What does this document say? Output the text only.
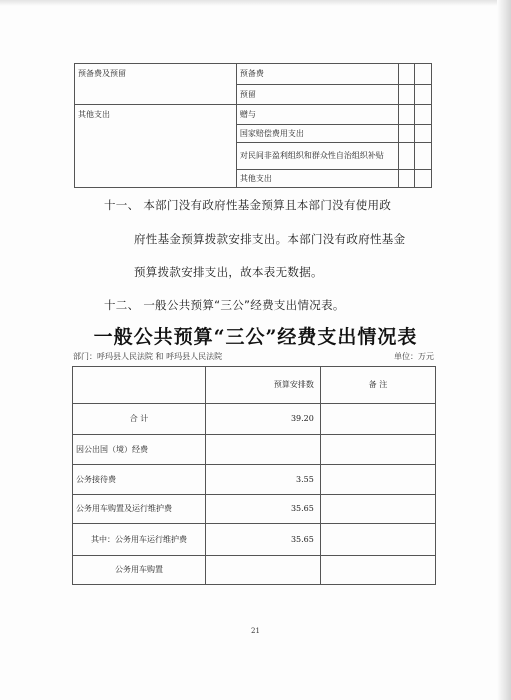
预备费及预留	预备费		
	预留		
其他支出	赠与		
	国家赔偿费用支出		
	对民间非盈利组织和群众性自治组织补贴		
	其他支出		
十一、 本部门没有政府性基金预算且本部门没有使用政
府性基金预算拨款安排支出。本部门没有政府性基金
预算拨款安排支出，故本表无数据。
十二、 一般公共预算“三公”经费支出情况表。
一般公共预算“三公”经费支出情况表
部门：呼玛县人民法院 和 呼玛县人民法院	单位：万元
	预算安排数	备 注
合 计	39.20	
因公出国（境）经费		
公务接待费	3.55	
公务用车购置及运行维护费	35.65	
其中：公务用车运行维护费	35.65	
公务用车购置		
21
